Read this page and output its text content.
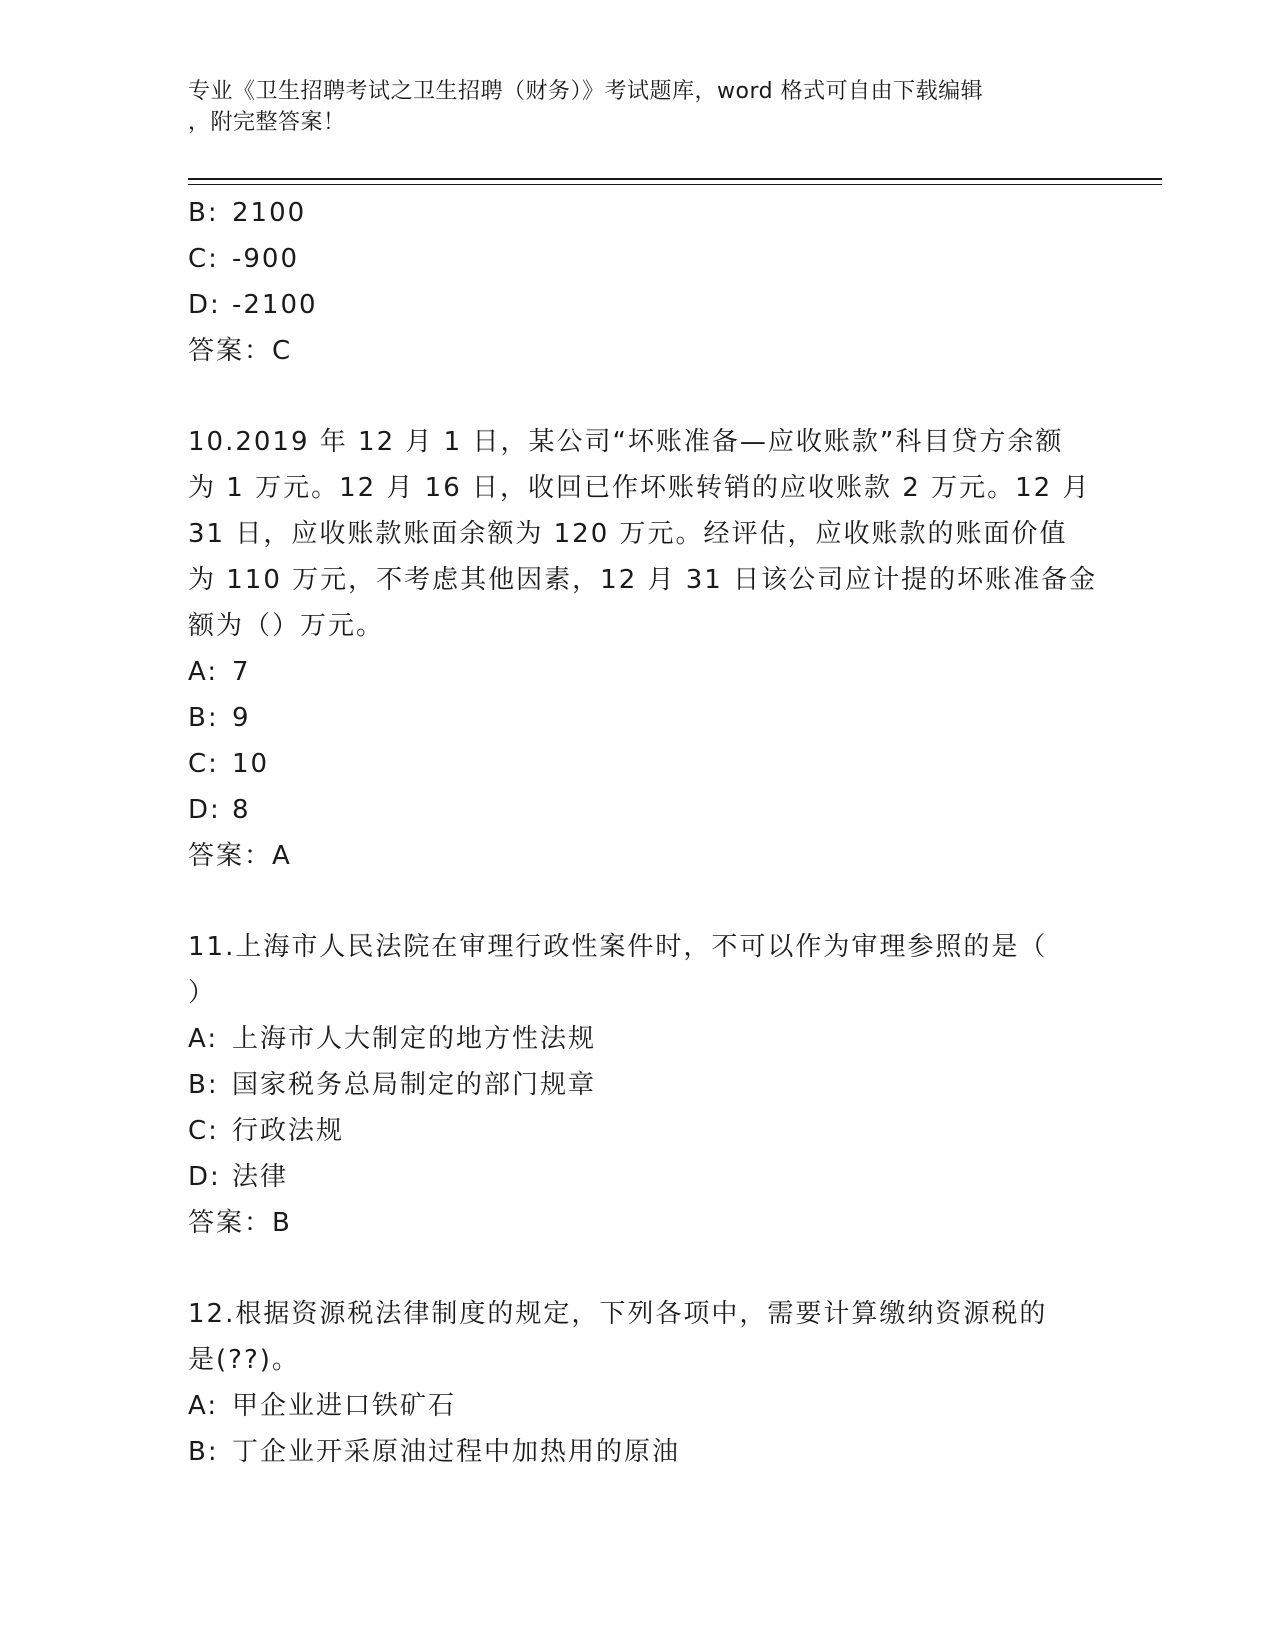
专业《卫生招聘考试之卫生招聘（财务）》考试题库，word 格式可自由下载编辑
，附完整答案！
B: 2100
C: -900
D: -2100
答案：C
10.2019 年 12 月 1 日，某公司“坏账准备—应收账款”科目贷方余额
为 1 万元。12 月 16 日，收回已作坏账转销的应收账款 2 万元。12 月
31 日，应收账款账面余额为 120 万元。经评估，应收账款的账面价值
为 110 万元，不考虑其他因素，12 月 31 日该公司应计提的坏账准备金
额为（）万元。
A: 7
B: 9
C: 10
D: 8
答案：A
11.上海市人民法院在审理行政性案件时，不可以作为审理参照的是（
）
A: 上海市人大制定的地方性法规
B: 国家税务总局制定的部门规章
C: 行政法规
D: 法律
答案：B
12.根据资源税法律制度的规定，下列各项中，需要计算缴纳资源税的
是(??)。
A: 甲企业进口铁矿石
B: 丁企业开采原油过程中加热用的原油
